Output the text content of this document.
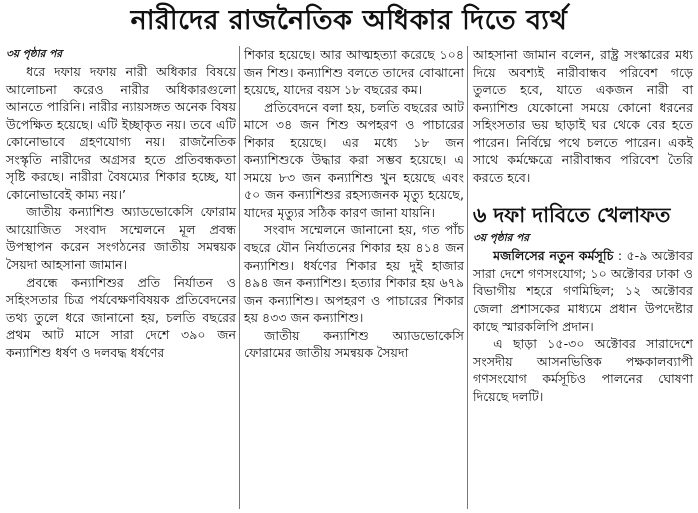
নারীদের রাজনৈতিক অধিকার দিতে ব্যর্থ
৩য় পৃষ্ঠার পর

ধরে দফায় দফায় নারী অধিকার বিষয়ে আলোচনা করেও নারীর অধিকারগুলো আনতে পারিনি। নারীর ন্যায়সঙ্গত অনেক বিষয় উপেক্ষিত হয়েছে। এটি ইচ্ছাকৃত নয়। তবে এটি কোনোভাবে গ্রহণযোগ্য নয়। রাজনৈতিক সংস্কৃতি নারীদের অগ্রসর হতে প্রতিবন্ধকতা সৃষ্টি করছে। নারীরা বৈষম্যের শিকার হচ্ছে, যা কোনোভাবেই কাম্য নয়।’

জাতীয় কন্যাশিশু অ্যাডভোকেসি ফোরাম আয়োজিত সংবাদ সম্মেলনে মূল প্রবন্ধ উপস্থাপন করেন সংগঠনের জাতীয় সমন্বয়ক সৈয়দা আহসানা জামান।

প্রবন্ধে কন্যাশিশুর প্রতি নির্যাতন ও সহিংসতার চিত্র পর্যবেক্ষণবিষয়ক প্রতিবেদনের তথ্য তুলে ধরে জানানো হয়, চলতি বছরের প্রথম আট মাসে সারা দেশে ৩৯০ জন কন্যাশিশু ধর্ষণ ও দলবদ্ধ ধর্ষণের

শিকার হয়েছে। আর আত্মহত্যা করেছে ১০৪ জন শিশু। কন্যাশিশু বলতে তাদের বোঝানো হয়েছে, যাদের বয়স ১৮ বছরের কম।

প্রতিবেদনে বলা হয়, চলতি বছরের আট মাসে ৩৪ জন শিশু অপহরণ ও পাচারের শিকার হয়েছে। এর মধ্যে ১৮ জন কন্যাশিশুকে উদ্ধার করা সম্ভব হয়েছে। এ সময়ে ৮৩ জন কন্যাশিশু খুন হয়েছে এবং ৫০ জন কন্যাশিশুর রহস্যজনক মৃত্যু হয়েছে, যাদের মৃত্যুর সঠিক কারণ জানা যায়নি।

সংবাদ সম্মেলনে জানানো হয়, গত পাঁচ বছরে যৌন নির্যাতনের শিকার হয় ৪১৪ জন কন্যাশিশু। ধর্ষণের শিকার হয় দুই হাজার ৪৯৪ জন কন্যাশিশু। হত্যার শিকার হয় ৬৭৯ জন কন্যাশিশু। অপহরণ ও পাচারের শিকার হয় ৪৩৩ জন কন্যাশিশু।

জাতীয় কন্যাশিশু অ্যাডভোকেসি ফোরামের জাতীয় সমন্বয়ক সৈয়দা

আহসানা জামান বলেন, রাষ্ট্র সংস্কারের মধ্য দিয়ে অবশ্যই নারীবান্ধব পরিবেশ গড়ে তুলতে হবে, যাতে একজন নারী বা কন্যাশিশু যেকোনো সময়ে কোনো ধরনের সহিংসতার ভয় ছাড়াই ঘর থেকে বের হতে পারেন। নির্বিঘ্নে পথে চলতে পারেন। একই সাথে কর্মক্ষেত্রে নারীবান্ধব পরিবেশ তৈরি করতে হবে।

৬ দফা দাবিতে খেলাফত
৩য় পৃষ্ঠার পর

মজলিসের নতুন কর্মসূচি : ৫-৯ অক্টোবর সারা দেশে গণসংযোগ; ১০ অক্টোবর ঢাকা ও বিভাগীয় শহরে গণমিছিল; ১২ অক্টোবর জেলা প্রশাসকের মাধ্যমে প্রধান উপদেষ্টার কাছে স্মারকলিপি প্রদান।

এ ছাড়া ১৫-৩০ অক্টোবর সারাদেশে সংসদীয় আসনভিত্তিক পক্ষকালব্যাপী গণসংযোগ কর্মসূচিও পালনের ঘোষণা দিয়েছে দলটি।
